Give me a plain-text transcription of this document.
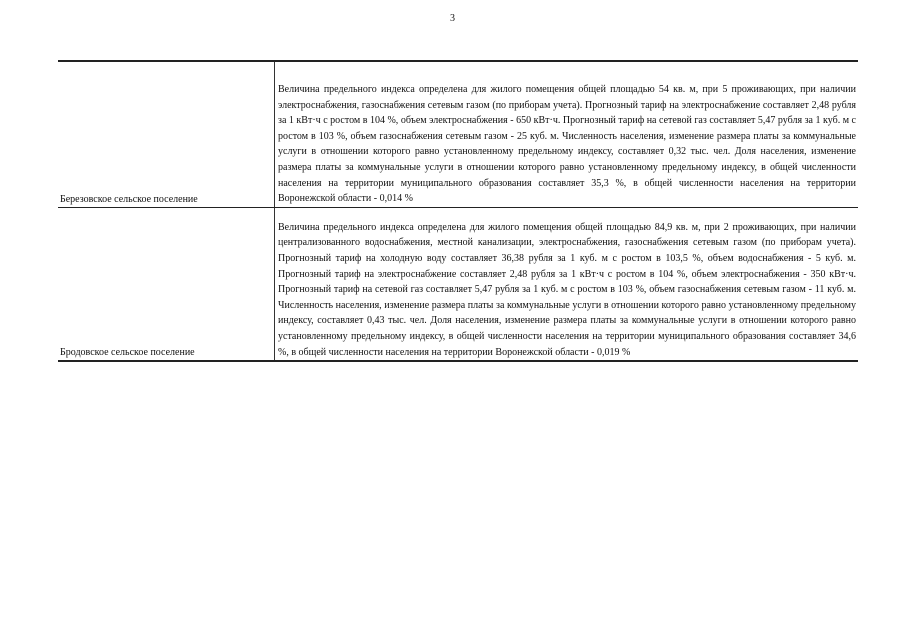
3
Березовское сельское поселение	Величина предельного индекса определена для жилого помещения общей площадью 54 кв. м, при 5 проживающих, при наличии электроснабжения, газоснабжения сетевым газом (по приборам учета). Прогнозный тариф на электроснабжение составляет 2,48 рубля за 1 кВт·ч с ростом в 104 %, объем электроснабжения - 650 кВт·ч. Прогнозный тариф на сетевой газ составляет 5,47 рубля за 1 куб. м с ростом в 103 %, объем газоснабжения сетевым газом - 25 куб. м. Численность населения, изменение размера платы за коммунальные услуги в отношении которого равно установленному предельному индексу, составляет 0,32 тыс. чел. Доля населения, изменение размера платы за коммунальные услуги в отношении которого равно установленному предельному индексу, в общей численности населения на территории муниципального образования составляет 35,3 %, в общей численности населения на территории Воронежской области - 0,014 %

Бродовское сельское поселение	Величина предельного индекса определена для жилого помещения общей площадью 84,9 кв. м, при 2 проживающих, при наличии централизованного водоснабжения, местной канализации, электроснабжения, газоснабжения сетевым газом (по приборам учета). Прогнозный тариф на холодную воду составляет 36,38 рубля за 1 куб. м с ростом в 103,5 %, объем водоснабжения - 5 куб. м. Прогнозный тариф на электроснабжение составляет 2,48 рубля за 1 кВт·ч с ростом в 104 %, объем электроснабжения - 350 кВт·ч. Прогнозный тариф на сетевой газ составляет 5,47 рубля за 1 куб. м с ростом в 103 %, объем газоснабжения сетевым газом - 11 куб. м. Численность населения, изменение размера платы за коммунальные услуги в отношении которого равно установленному предельному индексу, составляет 0,43 тыс. чел. Доля населения, изменение размера платы за коммунальные услуги в отношении которого равно установленному предельному индексу, в общей численности населения на территории муниципального образования составляет 34,6 %, в общей численности населения на территории Воронежской области - 0,019 %
